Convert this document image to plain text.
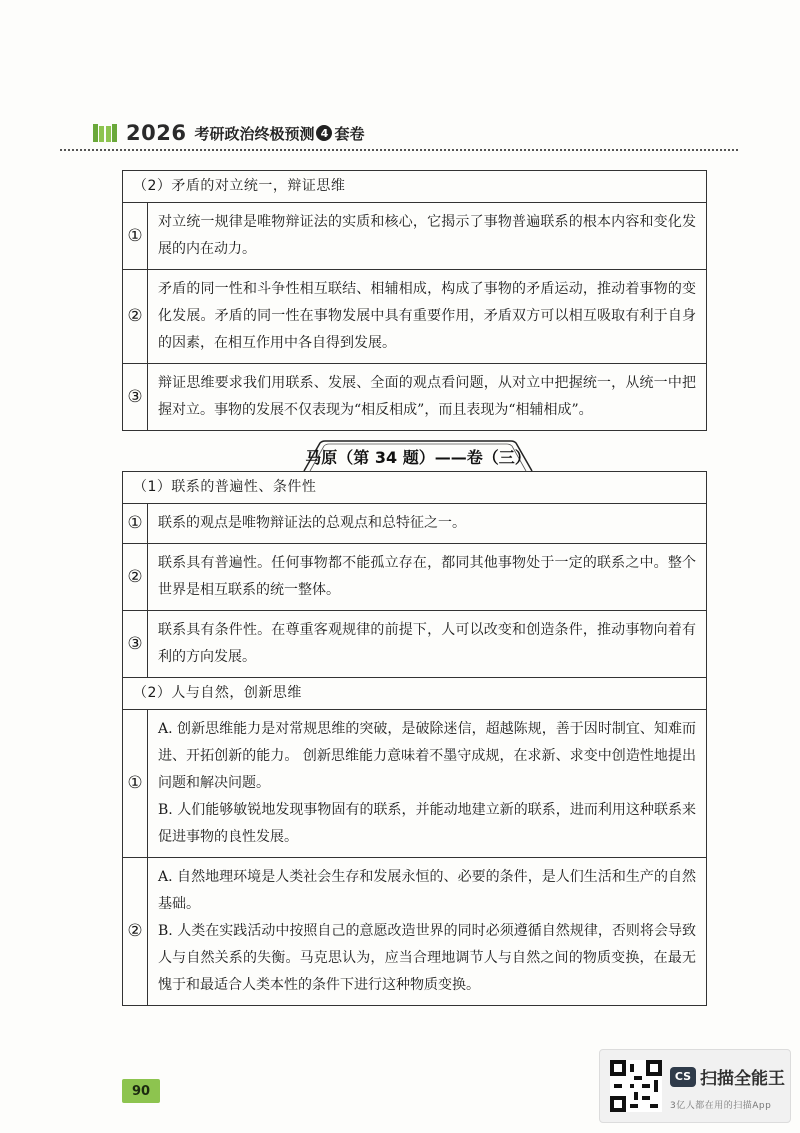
2026 考研政治终极预测 4 套卷
（2）矛盾的对立统一，辩证思维	
①	对立统一规律是唯物辩证法的实质和核心，它揭示了事物普遍联系的根本内容和变化发展的内在动力。
②	矛盾的同一性和斗争性相互联结、相辅相成，构成了事物的矛盾运动，推动着事物的变化发展。矛盾的同一性在事物发展中具有重要作用，矛盾双方可以相互吸取有利于自身的因素，在相互作用中各自得到发展。
③	辩证思维要求我们用联系、发展、全面的观点看问题，从对立中把握统一，从统一中把握对立。事物的发展不仅表现为“相反相成”，而且表现为“相辅相成”。
马原（第 34 题）——卷（三）
（1）联系的普遍性、条件性	
①	联系的观点是唯物辩证法的总观点和总特征之一。
②	联系具有普遍性。任何事物都不能孤立存在，都同其他事物处于一定的联系之中。整个世界是相互联系的统一整体。
③	联系具有条件性。在尊重客观规律的前提下，人可以改变和创造条件，推动事物向着有利的方向发展。
（2）人与自然，创新思维	
①	A. 创新思维能力是对常规思维的突破，是破除迷信，超越陈规，善于因时制宜、知难而进、开拓创新的能力。 创新思维能力意味着不墨守成规，在求新、求变中创造性地提出问题和解决问题。
B. 人们能够敏锐地发现事物固有的联系，并能动地建立新的联系，进而利用这种联系来促进事物的良性发展。

②	A. 自然地理环境是人类社会生存和发展永恒的、必要的条件，是人们生活和生产的自然基础。
B. 人类在实践活动中按照自己的意愿改造世界的同时必须遵循自然规律，否则将会导致人与自然关系的失衡。马克思认为，应当合理地调节人与自然之间的物质变换，在最无愧于和最适合人类本性的条件下进行这种物质变换。
90
CS 扫描全能王
3亿人都在用的扫描App
